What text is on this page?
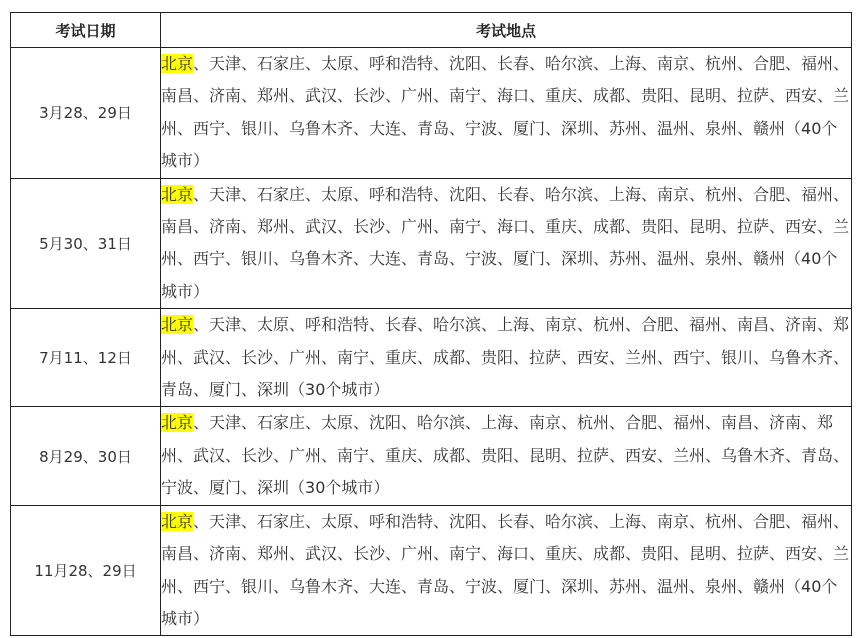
考试日期	考试地点
3月28、29日	北京、天津、石家庄、太原、呼和浩特、沈阳、长春、哈尔滨、上海、南京、杭州、合肥、福州、南昌、济南、郑州、武汉、长沙、广州、南宁、海口、重庆、成都、贵阳、昆明、拉萨、西安、兰州、西宁、银川、乌鲁木齐、大连、青岛、宁波、厦门、深圳、苏州、温州、泉州、赣州（40个城市）
5月30、31日	北京、天津、石家庄、太原、呼和浩特、沈阳、长春、哈尔滨、上海、南京、杭州、合肥、福州、南昌、济南、郑州、武汉、长沙、广州、南宁、海口、重庆、成都、贵阳、昆明、拉萨、西安、兰州、西宁、银川、乌鲁木齐、大连、青岛、宁波、厦门、深圳、苏州、温州、泉州、赣州（40个城市）
7月11、12日	北京、天津、太原、呼和浩特、长春、哈尔滨、上海、南京、杭州、合肥、福州、南昌、济南、郑州、武汉、长沙、广州、南宁、重庆、成都、贵阳、拉萨、西安、兰州、西宁、银川、乌鲁木齐、青岛、厦门、深圳（30个城市）
8月29、30日	北京、天津、石家庄、太原、沈阳、哈尔滨、上海、南京、杭州、合肥、福州、南昌、济南、郑州、武汉、长沙、广州、南宁、重庆、成都、贵阳、昆明、拉萨、西安、兰州、乌鲁木齐、青岛、宁波、厦门、深圳（30个城市）
11月28、29日	北京、天津、石家庄、太原、呼和浩特、沈阳、长春、哈尔滨、上海、南京、杭州、合肥、福州、南昌、济南、郑州、武汉、长沙、广州、南宁、海口、重庆、成都、贵阳、昆明、拉萨、西安、兰州、西宁、银川、乌鲁木齐、大连、青岛、宁波、厦门、深圳、苏州、温州、泉州、赣州（40个城市）
